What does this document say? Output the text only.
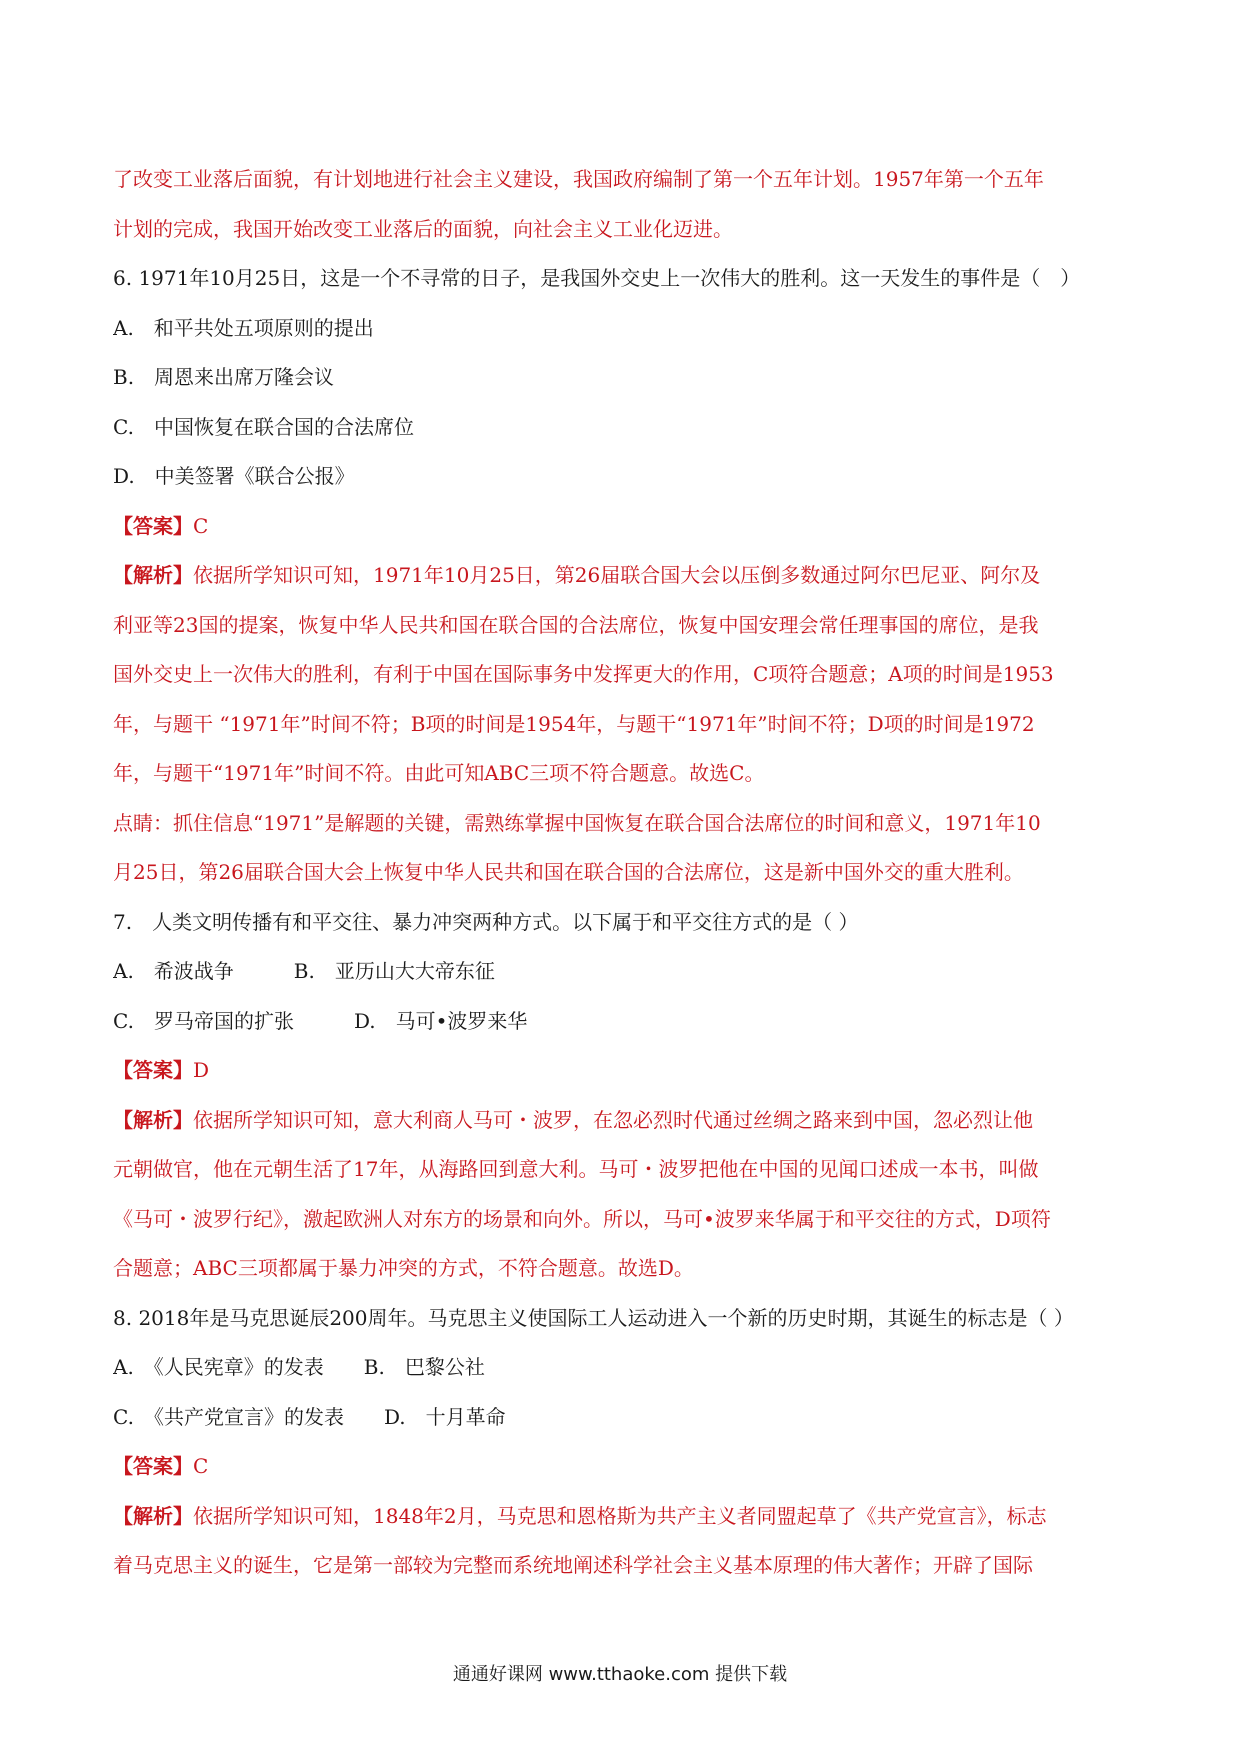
了改变工业落后面貌，有计划地进行社会主义建设，我国政府编制了第一个五年计划。1957年第一个五年
计划的完成，我国开始改变工业落后的面貌，向社会主义工业化迈进。
6. 1971年10月25日，这是一个不寻常的日子，是我国外交史上一次伟大的胜利。这一天发生的事件是（　）
A.　和平共处五项原则的提出
B.　周恩来出席万隆会议
C.　中国恢复在联合国的合法席位
D.　中美签署《联合公报》
【答案】C
【解析】依据所学知识可知，1971年10月25日，第26届联合国大会以压倒多数通过阿尔巴尼亚、阿尔及
利亚等23国的提案，恢复中华人民共和国在联合国的合法席位，恢复中国安理会常任理事国的席位，是我
国外交史上一次伟大的胜利，有利于中国在国际事务中发挥更大的作用，C项符合题意；A项的时间是1953
年，与题干 “1971年”时间不符；B项的时间是1954年，与题干“1971年”时间不符；D项的时间是1972
年，与题干“1971年”时间不符。由此可知ABC三项不符合题意。故选C。
点睛：抓住信息“1971”是解题的关键，需熟练掌握中国恢复在联合国合法席位的时间和意义，1971年10
月25日，第26届联合国大会上恢复中华人民共和国在联合国的合法席位，这是新中国外交的重大胜利。
7.　人类文明传播有和平交往、暴力冲突两种方式。以下属于和平交往方式的是（ ）
A.　希波战争　　　B.　亚历山大大帝东征
C.　罗马帝国的扩张　　　D.　马可•波罗来华
【答案】D
【解析】依据所学知识可知，意大利商人马可・波罗，在忽必烈时代通过丝绸之路来到中国，忽必烈让他
元朝做官，他在元朝生活了17年，从海路回到意大利。马可・波罗把他在中国的见闻口述成一本书，叫做
《马可・波罗行纪》，激起欧洲人对东方的场景和向外。所以，马可•波罗来华属于和平交往的方式，D项符
合题意；ABC三项都属于暴力冲突的方式，不符合题意。故选D。
8. 2018年是马克思诞辰200周年。马克思主义使国际工人运动进入一个新的历史时期，其诞生的标志是（ ）
A.　《人民宪章》的发表　　B.　巴黎公社
C.　《共产党宣言》的发表　　D.　十月革命
【答案】C
【解析】依据所学知识可知，1848年2月，马克思和恩格斯为共产主义者同盟起草了《共产党宣言》，标志
着马克思主义的诞生，它是第一部较为完整而系统地阐述科学社会主义基本原理的伟大著作；开辟了国际
通通好课网 www.tthaoke.com 提供下载
